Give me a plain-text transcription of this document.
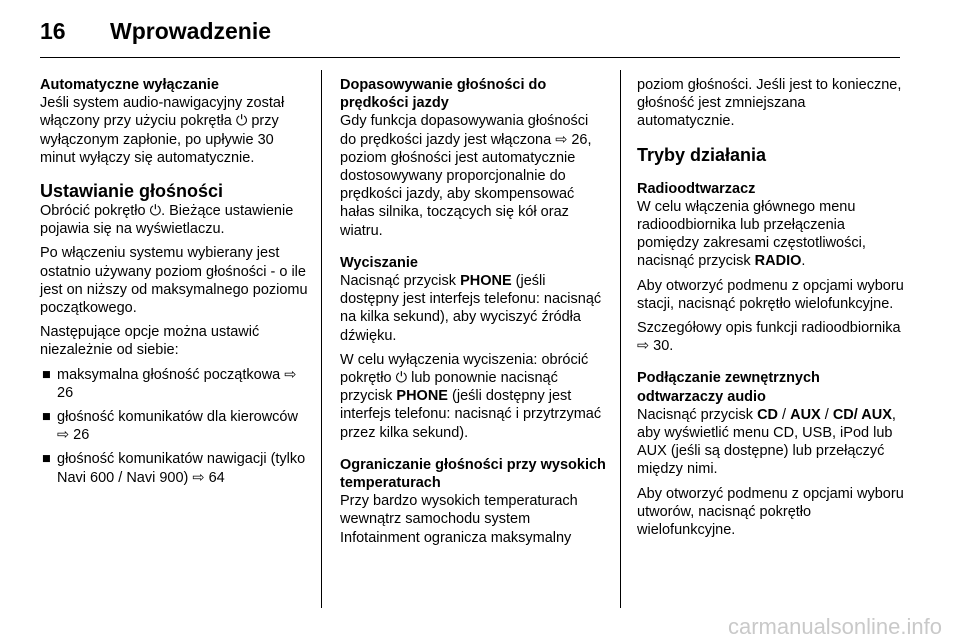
16 Wprowadzenie
Automatyczne wyłączanie

Jeśli system audio-nawigacyjny został włączony przy użyciu pokrętła ⏻ przy wyłączonym zapłonie, po upływie 30 minut wyłączy się automatycznie.

Ustawianie głośności

Obrócić pokrętło ⏻. Bieżące ustawienie pojawia się na wyświetlaczu.

Po włączeniu systemu wybierany jest ostatnio używany poziom głośności - o ile jest on niższy od maksymalnego poziomu początkowego.

Następujące opcje można ustawić niezależnie od siebie:

■ maksymalna głośność początkowa ⇨ 26
■ głośność komunikatów dla kierowców ⇨ 26
■ głośność komunikatów nawigacji (tylko Navi 600 / Navi 900) ⇨ 64
Dopasowywanie głośności do prędkości jazdy

Gdy funkcja dopasowywania głośności do prędkości jazdy jest włączona ⇨ 26, poziom głośności jest automatycznie dostosowywany proporcjonalnie do prędkości jazdy, aby skompensować hałas silnika, toczących się kół oraz wiatru.

Wyciszanie

Nacisnąć przycisk PHONE (jeśli dostępny jest interfejs telefonu: nacisnąć na kilka sekund), aby wyciszyć źródła dźwięku.

W celu wyłączenia wyciszenia: obrócić pokrętło ⏻ lub ponownie nacisnąć przycisk PHONE (jeśli dostępny jest interfejs telefonu: nacisnąć i przytrzymać przez kilka sekund).

Ograniczanie głośności przy wysokich temperaturach

Przy bardzo wysokich temperaturach wewnątrz samochodu system Infotainment ogranicza maksymalny

poziom głośności. Jeśli jest to konieczne, głośność jest zmniejszana automatycznie.

Tryby działania
Radioodtwarzacz

W celu włączenia głównego menu radioodbiornika lub przełączenia pomiędzy zakresami częstotliwości, nacisnąć przycisk RADIO.

Aby otworzyć podmenu z opcjami wyboru stacji, nacisnąć pokrętło wielofunkcyjne.

Szczegółowy opis funkcji radioodbiornika ⇨ 30.

Podłączanie zewnętrznych odtwarzaczy audio

Nacisnąć przycisk CD / AUX / CD/ AUX, aby wyświetlić menu CD, USB, iPod lub AUX (jeśli są dostępne) lub przełączyć między nimi.

Aby otworzyć podmenu z opcjami wyboru utworów, nacisnąć pokrętło wielofunkcyjne.

carmanualsonline.info
